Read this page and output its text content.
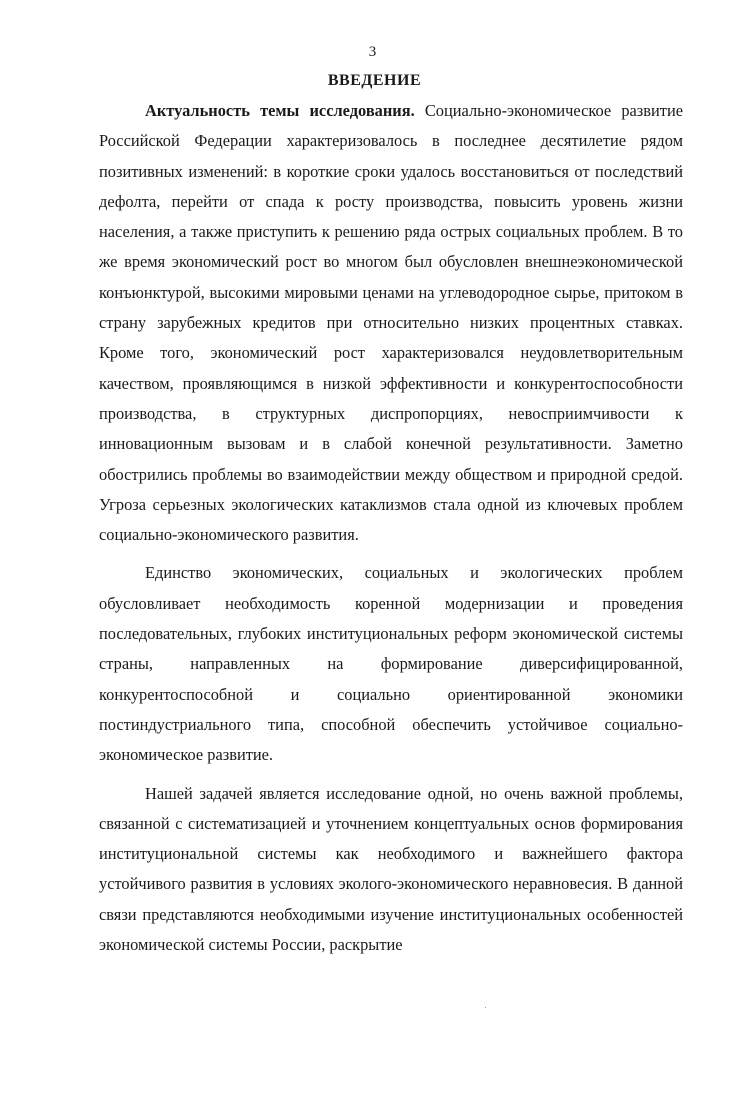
3
ВВЕДЕНИЕ

Актуальность темы исследования. Социально-экономическое развитие Российской Федерации характеризовалось в последнее десятилетие рядом позитивных изменений: в короткие сроки удалось восстановиться от последствий дефолта, перейти от спада к росту производства, повысить уровень жизни населения, а также приступить к решению ряда острых социальных проблем. В то же время экономический рост во многом был обусловлен внешнеэкономической конъюнктурой, высокими мировыми ценами на углеводородное сырье, притоком в страну зарубежных кредитов при относительно низких процентных ставках. Кроме того, экономический рост характеризовался неудовлетворительным качеством, проявляющимся в низкой эффективности и конкурентоспособности производства, в структурных диспропорциях, невосприимчивости к инновационным вызовам и в слабой конечной результативности. Заметно обострились проблемы во взаимодействии между обществом и природной средой. Угроза серьезных экологических катаклизмов стала одной из ключевых проблем социально-экономического развития.

Единство экономических, социальных и экологических проблем обусловливает необходимость коренной модернизации и проведения последовательных, глубоких институциональных реформ экономической системы страны, направленных на формирование диверсифицированной, конкурентоспособной и социально ориентированной экономики постиндустриального типа, способной обеспечить устойчивое социально-экономическое развитие.

Нашей задачей является исследование одной, но очень важной проблемы, связанной с систематизацией и уточнением концептуальных основ формирования институциональной системы как необходимого и важнейшего фактора устойчивого развития в условиях эколого-экономического неравновесия. В данной связи представляются необходимыми изучение институциональных особенностей экономической системы России, раскрытие
